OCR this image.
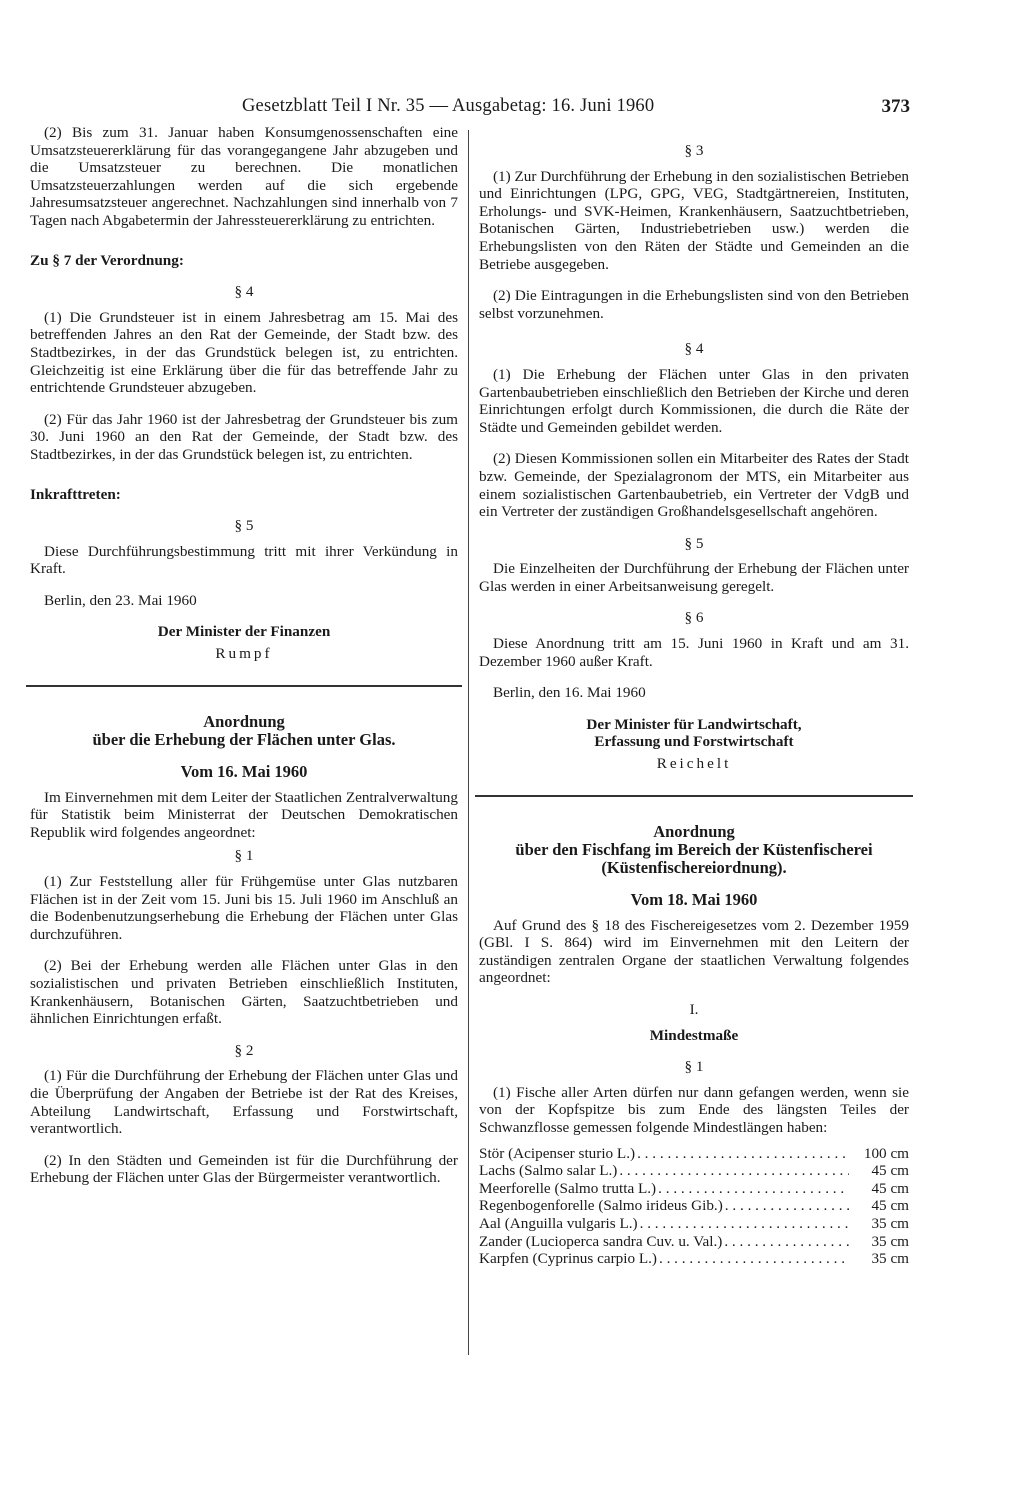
Gesetzblatt Teil I Nr. 35 — Ausgabetag: 16. Juni 1960	373

(2) Bis zum 31. Januar haben Konsumgenossenschaften eine Umsatzsteuererklärung für das vorangegangene Jahr abzugeben und die Umsatzsteuer zu berechnen. Die monatlichen Umsatzsteuerzahlungen werden auf die sich ergebende Jahresumsatzsteuer angerechnet. Nachzahlungen sind innerhalb von 7 Tagen nach Abgabetermin der Jahressteuererklärung zu entrichten.

Zu § 7 der Verordnung:

§ 4

(1) Die Grundsteuer ist in einem Jahresbetrag am 15. Mai des betreffenden Jahres an den Rat der Gemeinde, der Stadt bzw. des Stadtbezirkes, in der das Grundstück belegen ist, zu entrichten. Gleichzeitig ist eine Erklärung über die für das betreffende Jahr zu entrichtende Grundsteuer abzugeben.

(2) Für das Jahr 1960 ist der Jahresbetrag der Grundsteuer bis zum 30. Juni 1960 an den Rat der Gemeinde, der Stadt bzw. des Stadtbezirkes, in der das Grundstück belegen ist, zu entrichten.

Inkrafttreten:

§ 5

Diese Durchführungsbestimmung tritt mit ihrer Verkündung in Kraft.

Berlin, den 23. Mai 1960

Der Minister der Finanzen

Rumpf

Anordnung

über die Erhebung der Flächen unter Glas.

Vom 16. Mai 1960

Im Einvernehmen mit dem Leiter der Staatlichen Zentralverwaltung für Statistik beim Ministerrat der Deutschen Demokratischen Republik wird folgendes angeordnet:

§ 1

(1) Zur Feststellung aller für Frühgemüse unter Glas nutzbaren Flächen ist in der Zeit vom 15. Juni bis 15. Juli 1960 im Anschluß an die Bodenbenutzungserhebung die Erhebung der Flächen unter Glas durchzuführen.

(2) Bei der Erhebung werden alle Flächen unter Glas in den sozialistischen und privaten Betrieben einschließlich Instituten, Krankenhäusern, Botanischen Gärten, Saatzuchtbetrieben und ähnlichen Einrichtungen erfaßt.

§ 2

(1) Für die Durchführung der Erhebung der Flächen unter Glas und die Überprüfung der Angaben der Betriebe ist der Rat des Kreises, Abteilung Landwirtschaft, Erfassung und Forstwirtschaft, verantwortlich.

(2) In den Städten und Gemeinden ist für die Durchführung der Erhebung der Flächen unter Glas der Bürgermeister verantwortlich.

§ 3

(1) Zur Durchführung der Erhebung in den sozialistischen Betrieben und Einrichtungen (LPG, GPG, VEG, Stadtgärtnereien, Instituten, Erholungs- und SVK-Heimen, Krankenhäusern, Saatzuchtbetrieben, Botanischen Gärten, Industriebetrieben usw.) werden die Erhebungslisten von den Räten der Städte und Gemeinden an die Betriebe ausgegeben.

(2) Die Eintragungen in die Erhebungslisten sind von den Betrieben selbst vorzunehmen.

§ 4

(1) Die Erhebung der Flächen unter Glas in den privaten Gartenbaubetrieben einschließlich den Betrieben der Kirche und deren Einrichtungen erfolgt durch Kommissionen, die durch die Räte der Städte und Gemeinden gebildet werden.

(2) Diesen Kommissionen sollen ein Mitarbeiter des Rates der Stadt bzw. Gemeinde, der Spezialagronom der MTS, ein Mitarbeiter aus einem sozialistischen Gartenbaubetrieb, ein Vertreter der VdgB und ein Vertreter der zuständigen Großhandelsgesellschaft angehören.

§ 5

Die Einzelheiten der Durchführung der Erhebung der Flächen unter Glas werden in einer Arbeitsanweisung geregelt.

§ 6

Diese Anordnung tritt am 15. Juni 1960 in Kraft und am 31. Dezember 1960 außer Kraft.

Berlin, den 16. Mai 1960

Der Minister für Landwirtschaft,

Erfassung und Forstwirtschaft

Reichelt

Anordnung

über den Fischfang im Bereich der Küstenfischerei

(Küstenfischereiordnung).

Vom 18. Mai 1960

Auf Grund des § 18 des Fischereigesetzes vom 2. Dezember 1959 (GBl. I S. 864) wird im Einvernehmen mit den Leitern der zuständigen zentralen Organe der staatlichen Verwaltung folgendes angeordnet:

I.

Mindestmaße

§ 1

(1) Fische aller Arten dürfen nur dann gefangen werden, wenn sie von der Kopfspitze bis zum Ende des längsten Teiles der Schwanzflosse gemessen folgende Mindestlängen haben:

Stör (Acipenser sturio L.) . . .	100 cm
Lachs (Salmo salar L.) . . .	45 cm
Meerforelle (Salmo trutta L.) . . .	45 cm
Regenbogenforelle (Salmo irideus Gib.) . . .	45 cm
Aal (Anguilla vulgaris L.) . . .	35 cm
Zander (Lucioperca sandra Cuv. u. Val.) . . .	35 cm
Karpfen (Cyprinus carpio L.) . . .	35 cm
